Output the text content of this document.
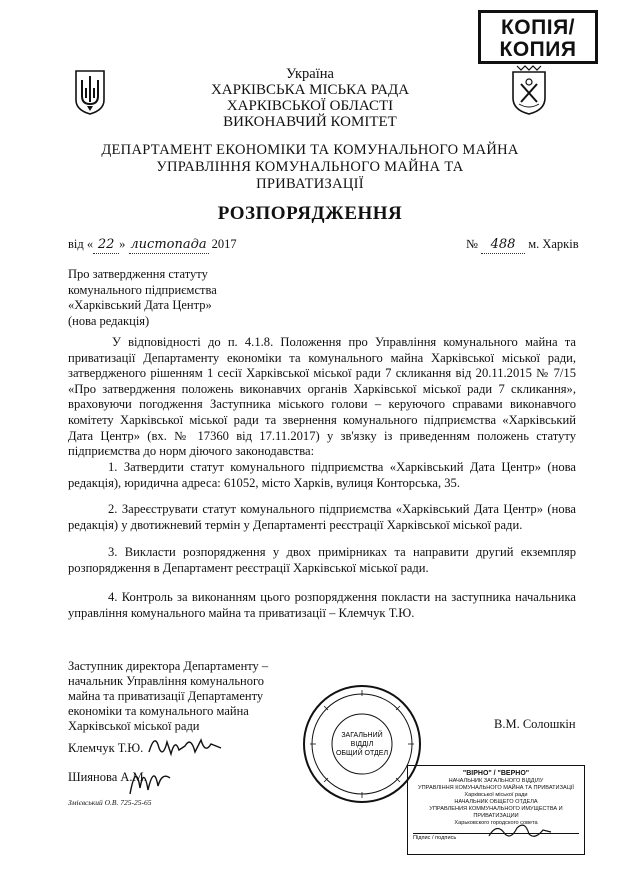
КОПІЯ/
КОПИЯ
Україна
ХАРКІВСЬКА МІСЬКА РАДА
ХАРКІВСЬКОЇ ОБЛАСТІ
ВИКОНАВЧИЙ КОМІТЕТ
ДЕПАРТАМЕНТ ЕКОНОМІКИ ТА КОМУНАЛЬНОГО МАЙНА
УПРАВЛІННЯ КОМУНАЛЬНОГО МАЙНА ТА
ПРИВАТИЗАЦІЇ
РОЗПОРЯДЖЕННЯ
від « 22 » листопада 2017	№ 488 м. Харків
Про затвердження статуту
комунального підприємства
«Харківський Дата Центр»
(нова редакція)
У відповідності до п. 4.1.8. Положення про Управління комунального майна та приватизації Департаменту економіки та комунального майна Харківської міської ради, затвердженого рішенням 1 сесії Харківської міської ради 7 скликання від 20.11.2015 № 7/15 «Про затвердження положень виконавчих органів Харківської міської ради 7 скликання», враховуючи погодження Заступника міського голови – керуючого справами виконавчого комітету Харківської міської ради та звернення комунального підприємства «Харківський Дата Центр» (вх. № 17360 від 17.11.2017) у зв'язку із приведенням положень статуту підприємства до норм діючого законодавства:
1. Затвердити статут комунального підприємства «Харківський Дата Центр» (нова редакція), юридична адреса: 61052, місто Харків, вулиця Конторська, 35.
2. Зареєструвати статут комунального підприємства «Харківський Дата Центр» (нова редакція) у двотижневий термін у Департаменті реєстрації Харківської міської ради.
3. Викласти розпорядження у двох примірниках та направити другий екземпляр розпорядження в Департамент реєстрації Харківської міської ради.
4. Контроль за виконанням цього розпорядження покласти на заступника начальника управління комунального майна та приватизації – Клемчук Т.Ю.
Заступник директора Департаменту –
начальник Управління комунального
майна та приватизації Департаменту
економіки та комунального майна
Харківської міської ради	В.М. Солошкін
Клемчук Т.Ю.
Шиянова А.М.
Змієвський О.В. 725-25-65
ЗАГАЛЬНИЙ
ВІДДІЛ
ОБЩИЙ ОТДЕЛ
"ВІРНО" / "ВЕРНО"
НАЧАЛЬНИК ЗАГАЛЬНОГО ВІДДІЛУ
УПРАВЛІННЯ КОМУНАЛЬНОГО МАЙНА ТА ПРИВАТИЗАЦІЇ
Харківської міської ради
НАЧАЛЬНИК ОБЩЕГО ОТДЕЛА
УПРАВЛЕНИЯ КОММУНАЛЬНОГО ИМУЩЕСТВА И ПРИВАТИЗАЦИИ
Харьковского городского совета
Підпис / подпись
